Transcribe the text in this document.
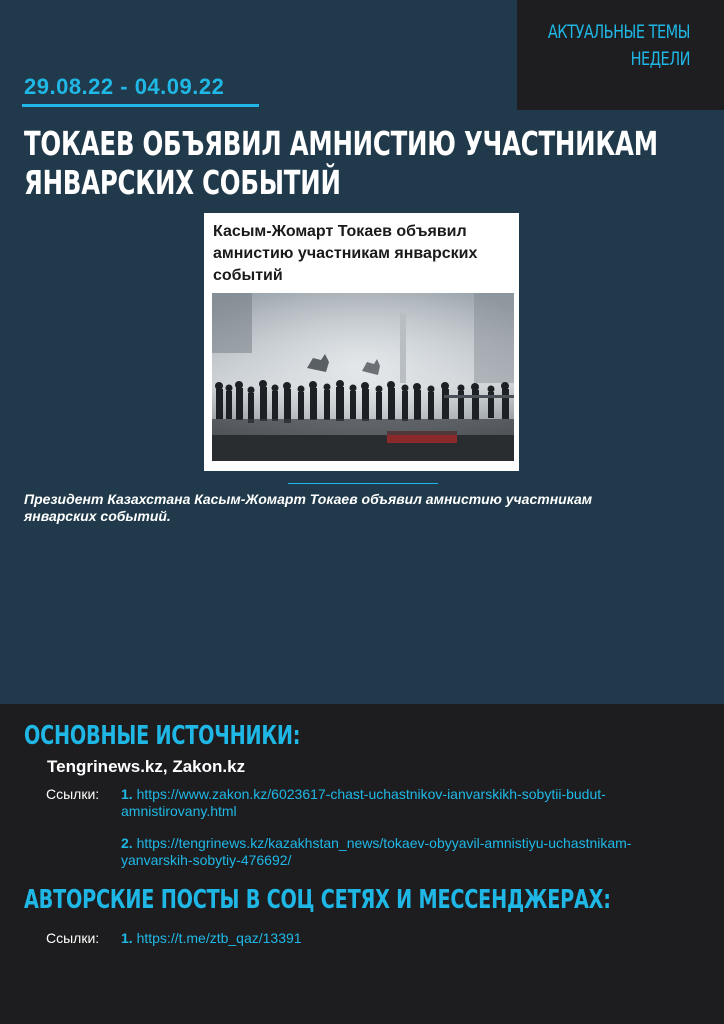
АКТУАЛЬНЫЕ ТЕМЫ НЕДЕЛИ
29.08.22 - 04.09.22
ТОКАЕВ ОБЪЯВИЛ АМНИСТИЮ УЧАСТНИКАМ ЯНВАРСКИХ СОБЫТИЙ
Касым-Жомарт Токаев объявил амнистию участникам январских событий
Президент Казахстана Касым-Жомарт Токаев объявил амнистию участникам январских событий.
ОСНОВНЫЕ ИСТОЧНИКИ:
Tengrinews.kz, Zakon.kz
Ссылки: 1. https://www.zakon.kz/6023617-chast-uchastnikov-ianvarskikh-sobytii-budut-amnistirovany.html
2. https://tengrinews.kz/kazakhstan_news/tokaev-obyyavil-amnistiyu-uchastnikam-yanvarskih-sobytiy-476692/
АВТОРСКИЕ ПОСТЫ В СОЦ СЕТЯХ И МЕССЕНДЖЕРАХ:
Ссылки: 1. https://t.me/ztb_qaz/13391
